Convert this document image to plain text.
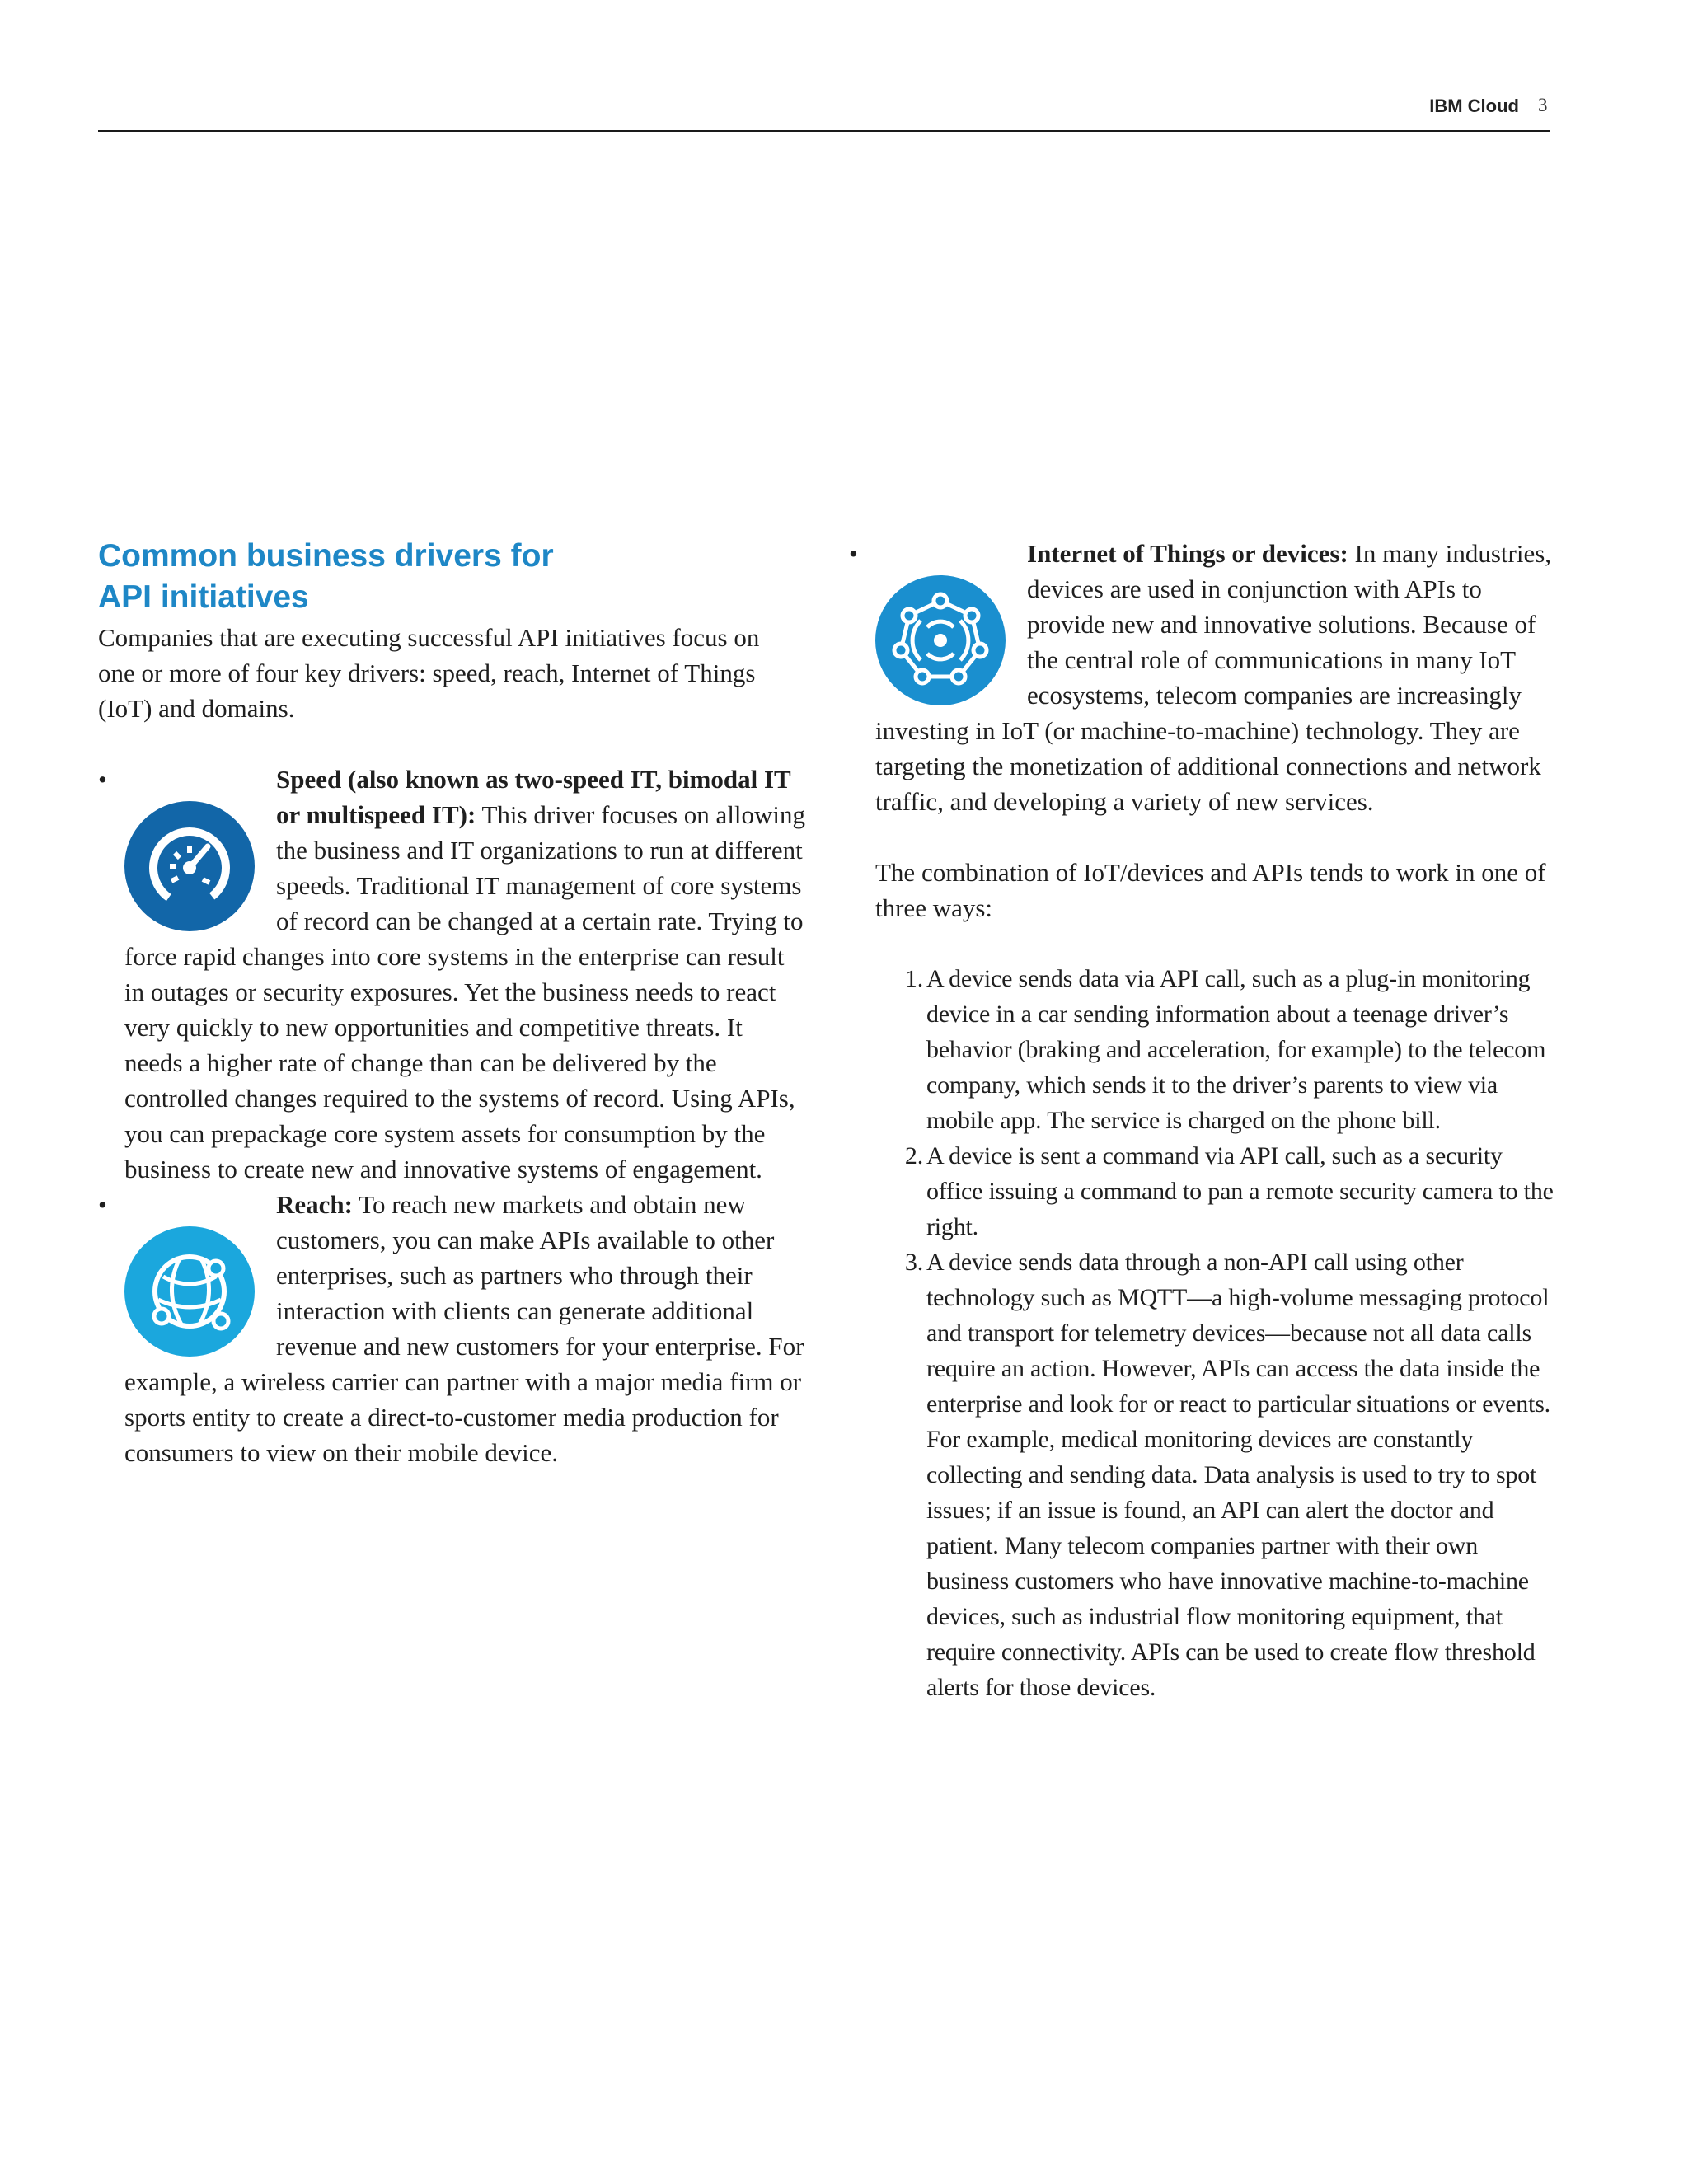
IBM Cloud 3
Common business drivers for
API initiatives

Companies that are executing successful API initiatives focus on one or more of four key drivers: speed, reach, Internet of Things (IoT) and domains.

•	Speed (also known as two-speed IT, bimodal IT or multispeed IT): This driver focuses on allowing the business and IT organizations to run at different speeds. Traditional IT management of core systems of record can be changed at a certain rate. Trying to force rapid changes into core systems in the enterprise can result in outages or security exposures. Yet the business needs to react very quickly to new opportunities and competitive threats. It needs a higher rate of change than can be delivered by the controlled changes required to the systems of record. Using APIs, you can prepackage core system assets for consumption by the business to create new and innovative systems of engagement.
•	Reach: To reach new markets and obtain new customers, you can make APIs available to other enterprises, such as partners who through their interaction with clients can generate additional revenue and new customers for your enterprise. For example, a wireless carrier can partner with a major media firm or sports entity to create a direct-to-customer media production for consumers to view on their mobile device.
•	Internet of Things or devices: In many industries, devices are used in conjunction with APIs to provide new and innovative solutions. Because of the central role of communications in many IoT ecosystems, telecom companies are increasingly investing in IoT (or machine-to-machine) technology. They are targeting the monetization of additional connections and network traffic, and developing a variety of new services.

The combination of IoT/devices and APIs tends to work in one of three ways:

1. A device sends data via API call, such as a plug-in monitoring device in a car sending information about a teenage driver’s behavior (braking and acceleration, for example) to the telecom company, which sends it to the driver’s parents to view via mobile app. The service is charged on the phone bill.
2. A device is sent a command via API call, such as a security office issuing a command to pan a remote security camera to the right.
3. A device sends data through a non-API call using other technology such as MQTT—a high-volume messaging protocol and transport for telemetry devices—because not all data calls require an action. However, APIs can access the data inside the enterprise and look for or react to particular situations or events. For example, medical monitoring devices are constantly collecting and sending data. Data analysis is used to try to spot issues; if an issue is found, an API can alert the doctor and patient. Many telecom companies partner with their own business customers who have innovative machine-to-machine devices, such as industrial flow monitoring equipment, that require connectivity. APIs can be used to create flow threshold alerts for those devices.
